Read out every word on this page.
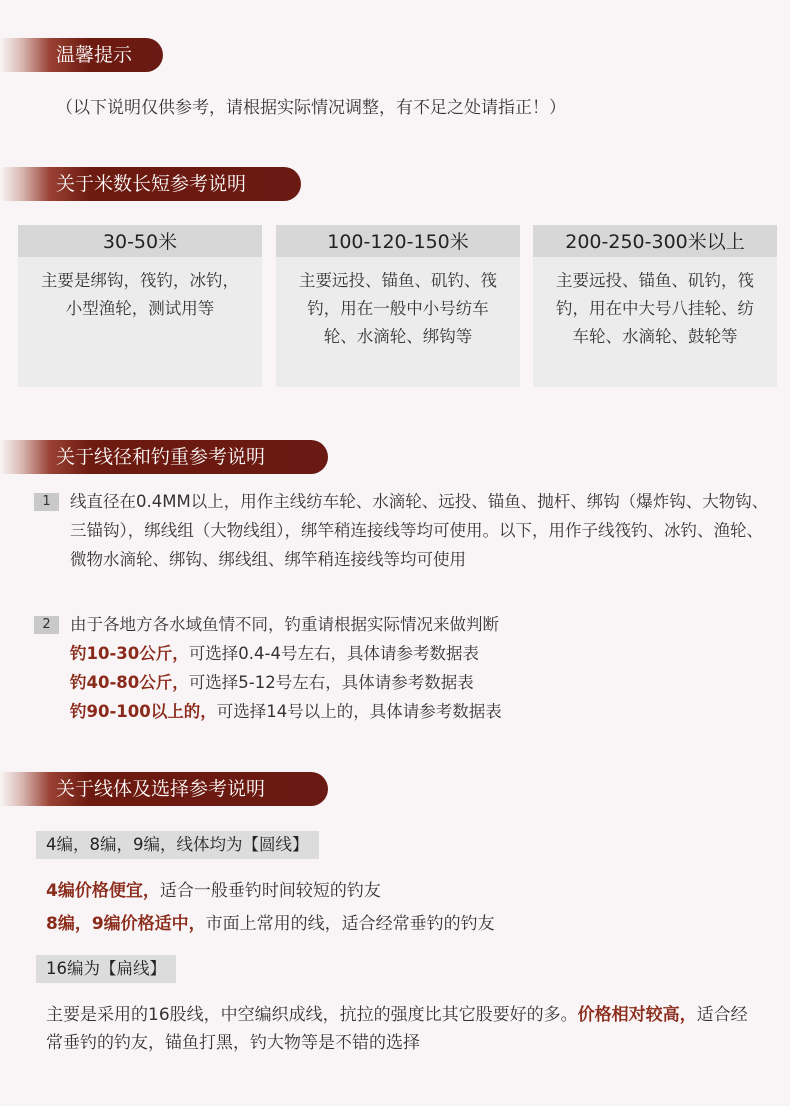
温馨提示
（以下说明仅供参考，请根据实际情况调整，有不足之处请指正！）
关于米数长短参考说明
30-50米
主要是绑钩，筏钓，冰钓，小型渔轮，测试用等
100-120-150米
主要远投、锚鱼、矶钓、筏钓，用在一般中小号纺车轮、水滴轮、绑钩等
200-250-300米以上
主要远投、锚鱼、矶钓，筏钓，用在中大号八挂轮、纺车轮、水滴轮、鼓轮等
关于线径和钓重参考说明
1	线直径在0.4MM以上，用作主线纺车轮、水滴轮、远投、锚鱼、抛杆、绑钩（爆炸钩、大物钩、三锚钩），绑线组（大物线组），绑竿稍连接线等均可使用。以下，用作子线筏钓、冰钓、渔轮、微物水滴轮、绑钩、绑线组、绑竿稍连接线等均可使用
2	由于各地方各水域鱼情不同，钓重请根据实际情况来做判断
钓10-30公斤，可选择0.4-4号左右，具体请参考数据表
钓40-80公斤，可选择5-12号左右，具体请参考数据表
钓90-100以上的，可选择14号以上的，具体请参考数据表
关于线体及选择参考说明
4编，8编，9编，线体均为【圆线】
4编价格便宜，适合一般垂钓时间较短的钓友
8编，9编价格适中，市面上常用的线，适合经常垂钓的钓友
16编为【扁线】
主要是采用的16股线，中空编织成线，抗拉的强度比其它股要好的多。价格相对较高，适合经常垂钓的钓友，锚鱼打黑，钓大物等是不错的选择
